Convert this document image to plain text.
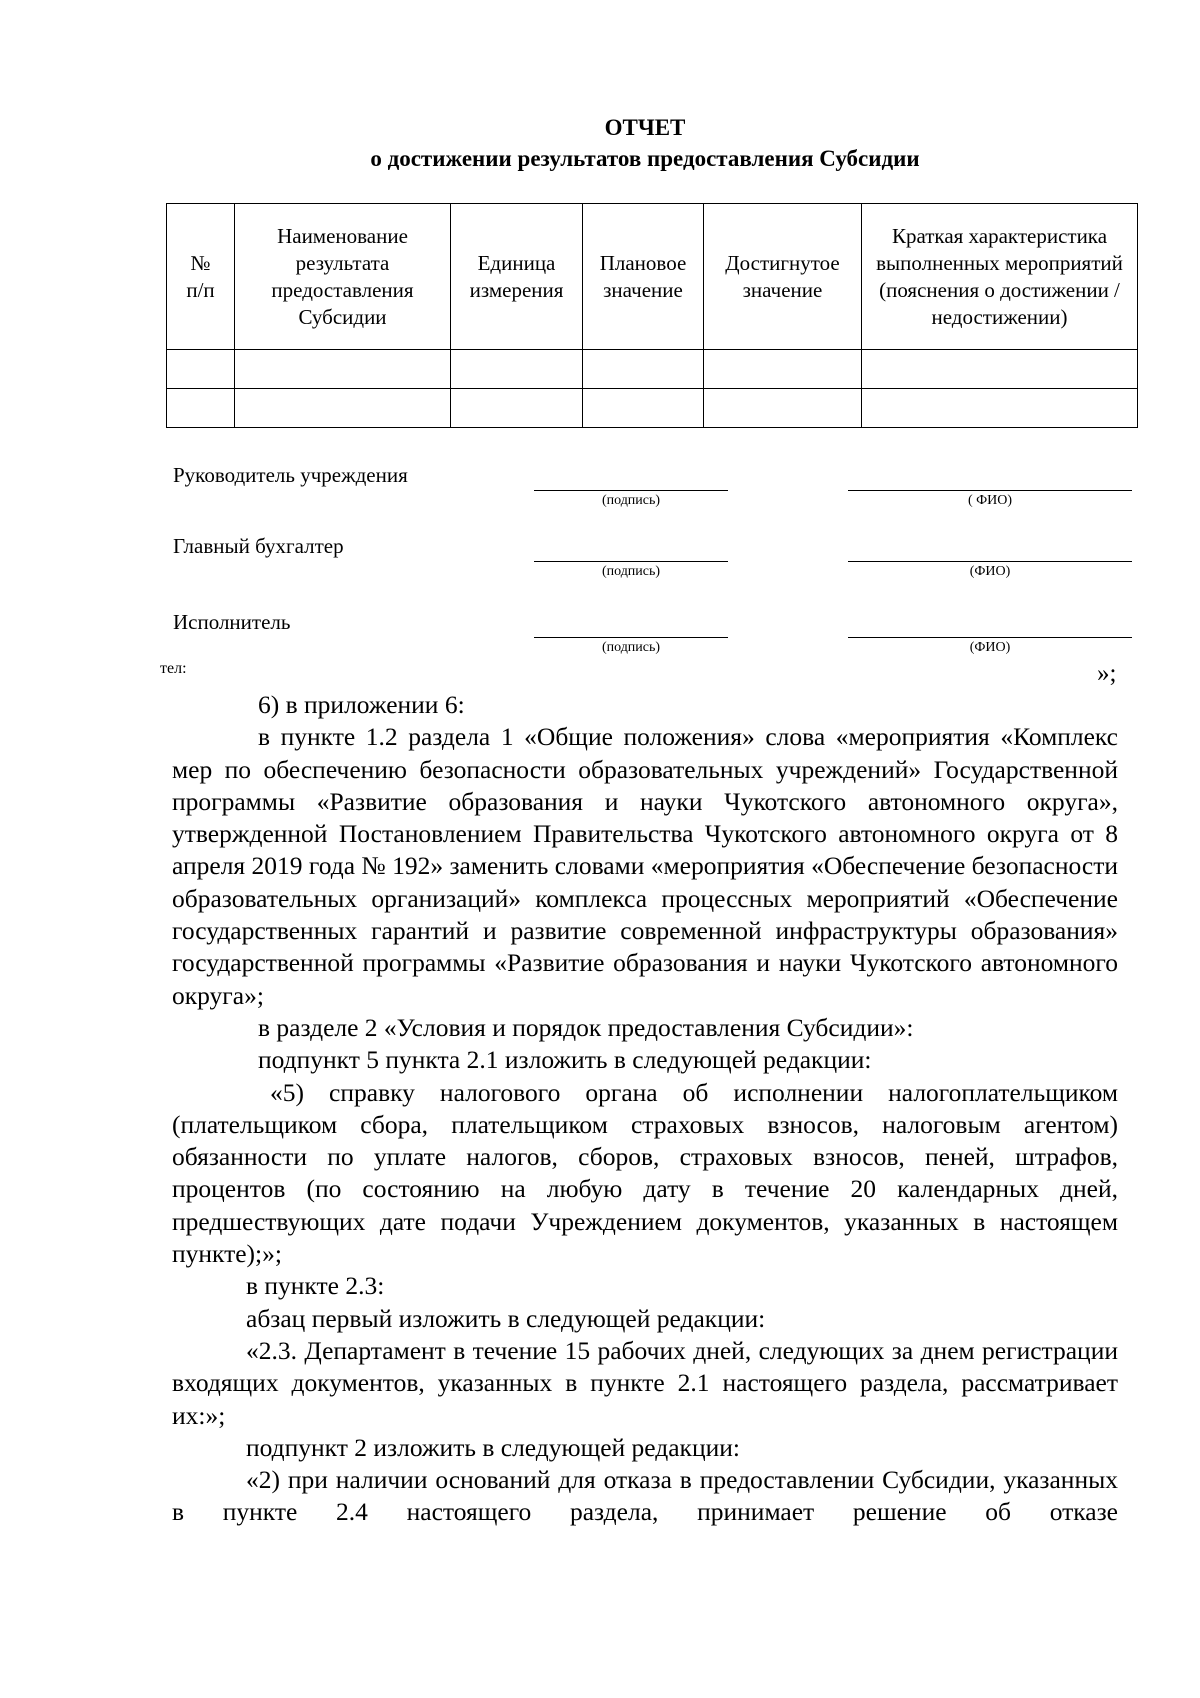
ОТЧЕТ
о достижении результатов предоставления Субсидии
№ п/п	Наименование результата предоставления Субсидии	Единица измерения	Плановое значение	Достигнутое значение	Краткая характеристика выполненных мероприятий (пояснения о достижении / недостижении)

Руководитель учреждения
(подпись)	( ФИО)
Главный бухгалтер
(подпись)	(ФИО)
Исполнитель
(подпись)	(ФИО)
тел:	»;

6) в приложении 6:

в пункте 1.2 раздела 1 «Общие положения» слова «мероприятия «Комплекс мер по обеспечению безопасности образовательных учреждений» Государственной программы «Развитие образования и науки Чукотского автономного округа», утвержденной Постановлением Правительства Чукотского автономного округа от 8 апреля 2019 года № 192» заменить словами «мероприятия «Обеспечение безопасности образовательных организаций» комплекса процессных мероприятий «Обеспечение государственных гарантий и развитие современной инфраструктуры образования» государственной программы «Развитие образования и науки Чукотского автономного округа»;

в разделе 2 «Условия и порядок предоставления Субсидии»:

подпункт 5 пункта 2.1 изложить в следующей редакции:

«5) справку налогового органа об исполнении налогоплательщиком (плательщиком сбора, плательщиком страховых взносов, налоговым агентом) обязанности по уплате налогов, сборов, страховых взносов, пеней, штрафов, процентов (по состоянию на любую дату в течение 20 календарных дней, предшествующих дате подачи Учреждением документов, указанных в настоящем пункте);»;

в пункте 2.3:

абзац первый изложить в следующей редакции:

«2.3. Департамент в течение 15 рабочих дней, следующих за днем регистрации входящих документов, указанных в пункте 2.1 настоящего раздела, рассматривает их:»;

подпункт 2 изложить в следующей редакции:

«2) при наличии оснований для отказа в предоставлении Субсидии, указанных в пункте 2.4 настоящего раздела, принимает решение об отказе
